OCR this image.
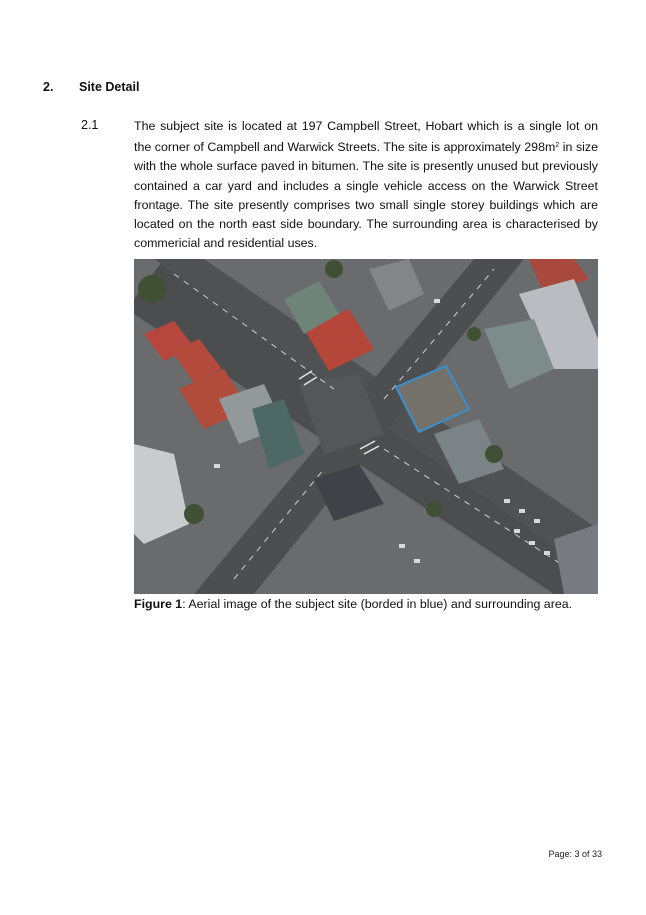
2. Site Detail
2.1	The subject site is located at 197 Campbell Street, Hobart which is a single lot on the corner of Campbell and Warwick Streets. The site is approximately $298m^2$ in size with the whole surface paved in bitumen. The site is presently unused but previously contained a car yard and includes a single vehicle access on the Warwick Street frontage. The site presently comprises two small single storey buildings which are located on the north east side boundary. The surrounding area is characterised by commericial and residential uses.

Figure 1: Aerial image of the subject site (borded in blue) and surrounding area.
Page: 3 of 33
